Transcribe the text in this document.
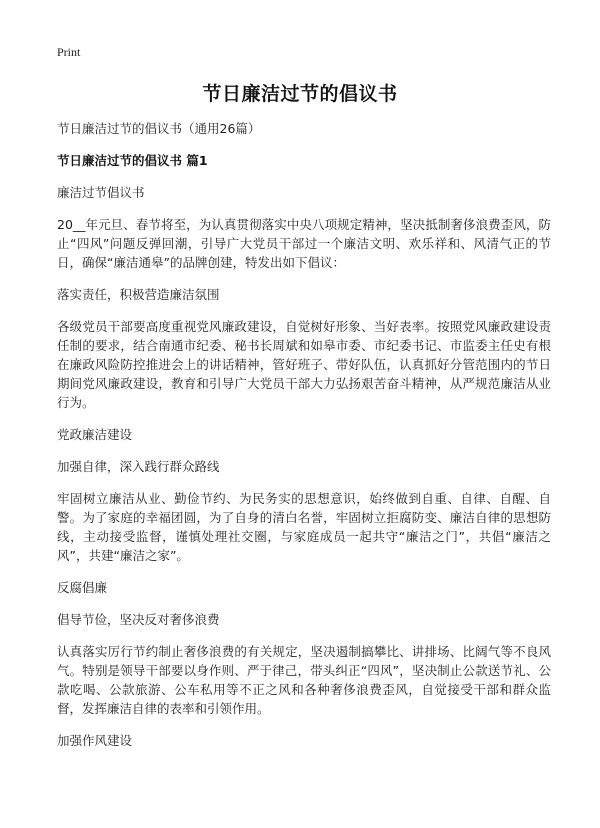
Print
节日廉洁过节的倡议书

节日廉洁过节的倡议书（通用26篇）

节日廉洁过节的倡议书 篇1

廉洁过节倡议书

20__年元旦、春节将至，为认真贯彻落实中央八项规定精神，坚决抵制奢侈浪费歪风，防止“四风”问题反弹回潮，引导广大党员干部过一个廉洁文明、欢乐祥和、风清气正的节日，确保“廉洁通皋”的品牌创建，特发出如下倡议：

落实责任，积极营造廉洁氛围

各级党员干部要高度重视党风廉政建设，自觉树好形象、当好表率。按照党风廉政建设责任制的要求，结合南通市纪委、秘书长周斌和如皋市委、市纪委书记、市监委主任史有根在廉政风险防控推进会上的讲话精神，管好班子、带好队伍，认真抓好分管范围内的节日期间党风廉政建设，教育和引导广大党员干部大力弘扬艰苦奋斗精神，从严规范廉洁从业行为。

党政廉洁建设

加强自律，深入践行群众路线

牢固树立廉洁从业、勤俭节约、为民务实的思想意识，始终做到自重、自律、自醒、自警。为了家庭的幸福团圆，为了自身的清白名誉，牢固树立拒腐防变、廉洁自律的思想防线，主动接受监督，谨慎处理社交圈，与家庭成员一起共守“廉洁之门”，共倡“廉洁之风”，共建“廉洁之家”。

反腐倡廉

倡导节俭，坚决反对奢侈浪费

认真落实厉行节约制止奢侈浪费的有关规定，坚决遏制搞攀比、讲排场、比阔气等不良风气。特别是领导干部要以身作则、严于律己，带头纠正“四风”，坚决制止公款送节礼、公款吃喝、公款旅游、公车私用等不正之风和各种奢侈浪费歪风，自觉接受干部和群众监督，发挥廉洁自律的表率和引领作用。

加强作风建设
